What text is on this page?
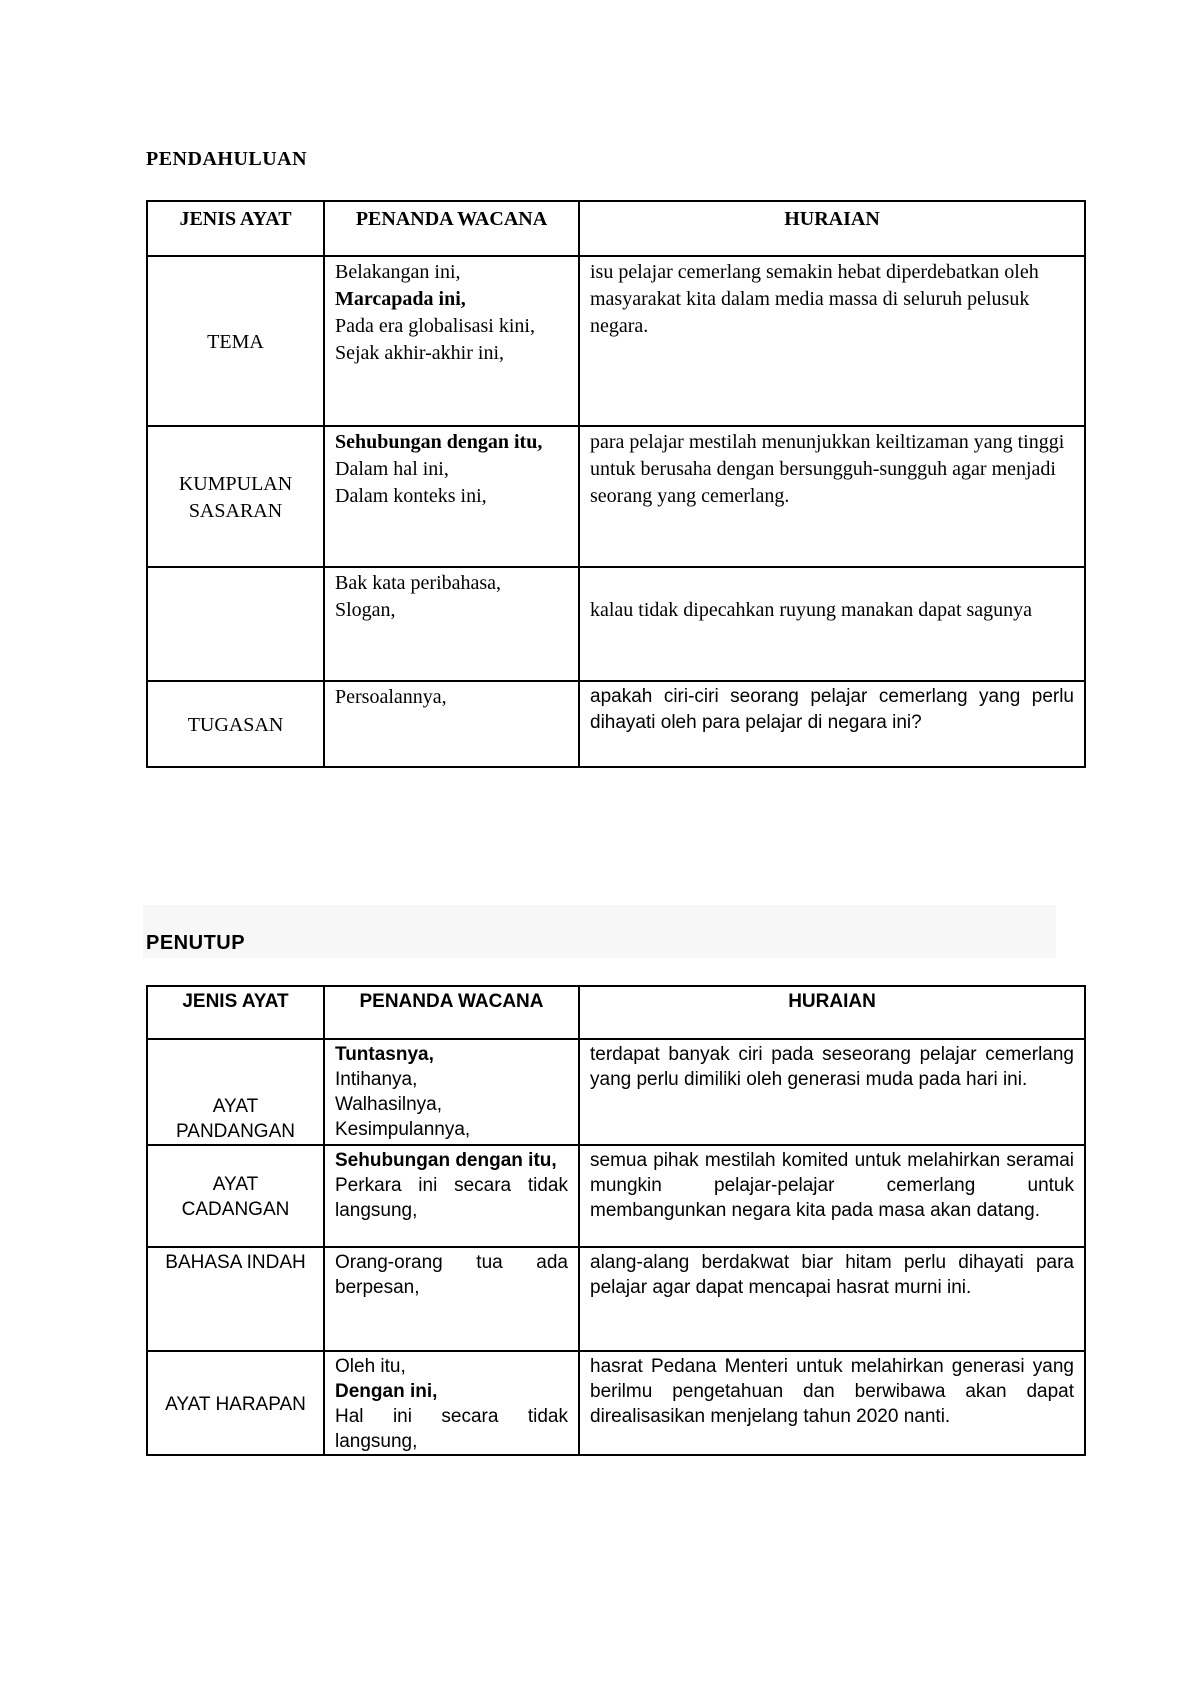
PENDAHULUAN
JENIS AYAT	PENANDA WACANA	HURAIAN
TEMA	Belakangan ini,
Marcapada ini,
Pada era globalisasi kini,
Sejak akhir-akhir ini,	isu pelajar cemerlang semakin hebat diperdebatkan oleh masyarakat kita dalam media massa di seluruh pelusuk negara.
KUMPULAN SASARAN	Sehubungan dengan itu,
Dalam hal ini,
Dalam konteks ini,	para pelajar mestilah menunjukkan keiltizaman yang tinggi untuk berusaha dengan bersungguh-sungguh agar menjadi seorang yang cemerlang.

	Bak kata peribahasa,
Slogan,	kalau tidak dipecahkan ruyung manakan dapat sagunya
TUGASAN	Persoalannya,	apakah ciri-ciri seorang pelajar cemerlang yang perlu dihayati oleh para pelajar di negara ini?
PENUTUP
JENIS AYAT	PENANDA WACANA	HURAIAN
AYAT PANDANGAN	Tuntasnya,
Intihanya,
Walhasilnya,
Kesimpulannya,	terdapat banyak ciri pada seseorang pelajar cemerlang yang perlu dimiliki oleh generasi muda pada hari ini.
AYAT CADANGAN	Sehubungan dengan itu,
Perkara ini secara tidak langsung,	semua pihak mestilah komited untuk melahirkan seramai mungkin pelajar-pelajar cemerlang untuk membangunkan negara kita pada masa akan datang.
BAHASA INDAH	Orang-orang tua ada berpesan,	alang-alang berdakwat biar hitam perlu dihayati para pelajar agar dapat mencapai hasrat murni ini.
AYAT HARAPAN	Oleh itu,
Dengan ini,
Hal ini secara tidak langsung,	hasrat Pedana Menteri untuk melahirkan generasi yang berilmu pengetahuan dan berwibawa akan dapat direalisasikan menjelang tahun 2020 nanti.
